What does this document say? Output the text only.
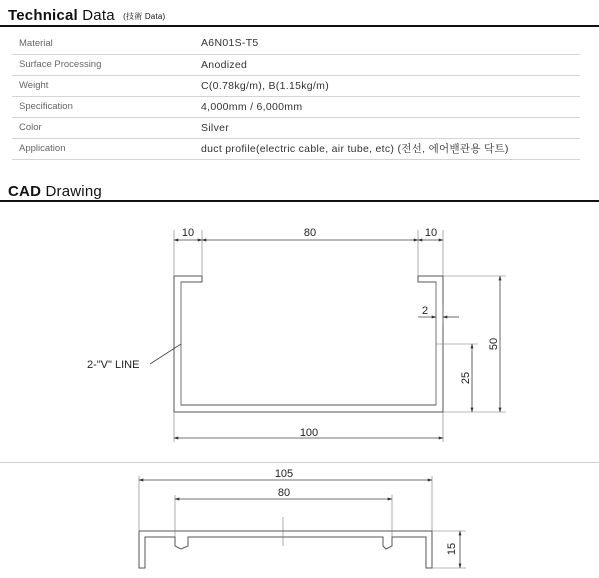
Technical Data (技術 Data)
Material	A6N01S-T5
Surface Processing	Anodized
Weight	C(0.78kg/m), B(1.15kg/m)
Specification	4,000mm / 6,000mm
Color	Silver
Application	duct profile(electric cable, air tube, etc) (전선, 에어밴관용 닥트)
CAD Drawing
10	80	10
2
100
50
25
2-"V" LINE
105
80
15
